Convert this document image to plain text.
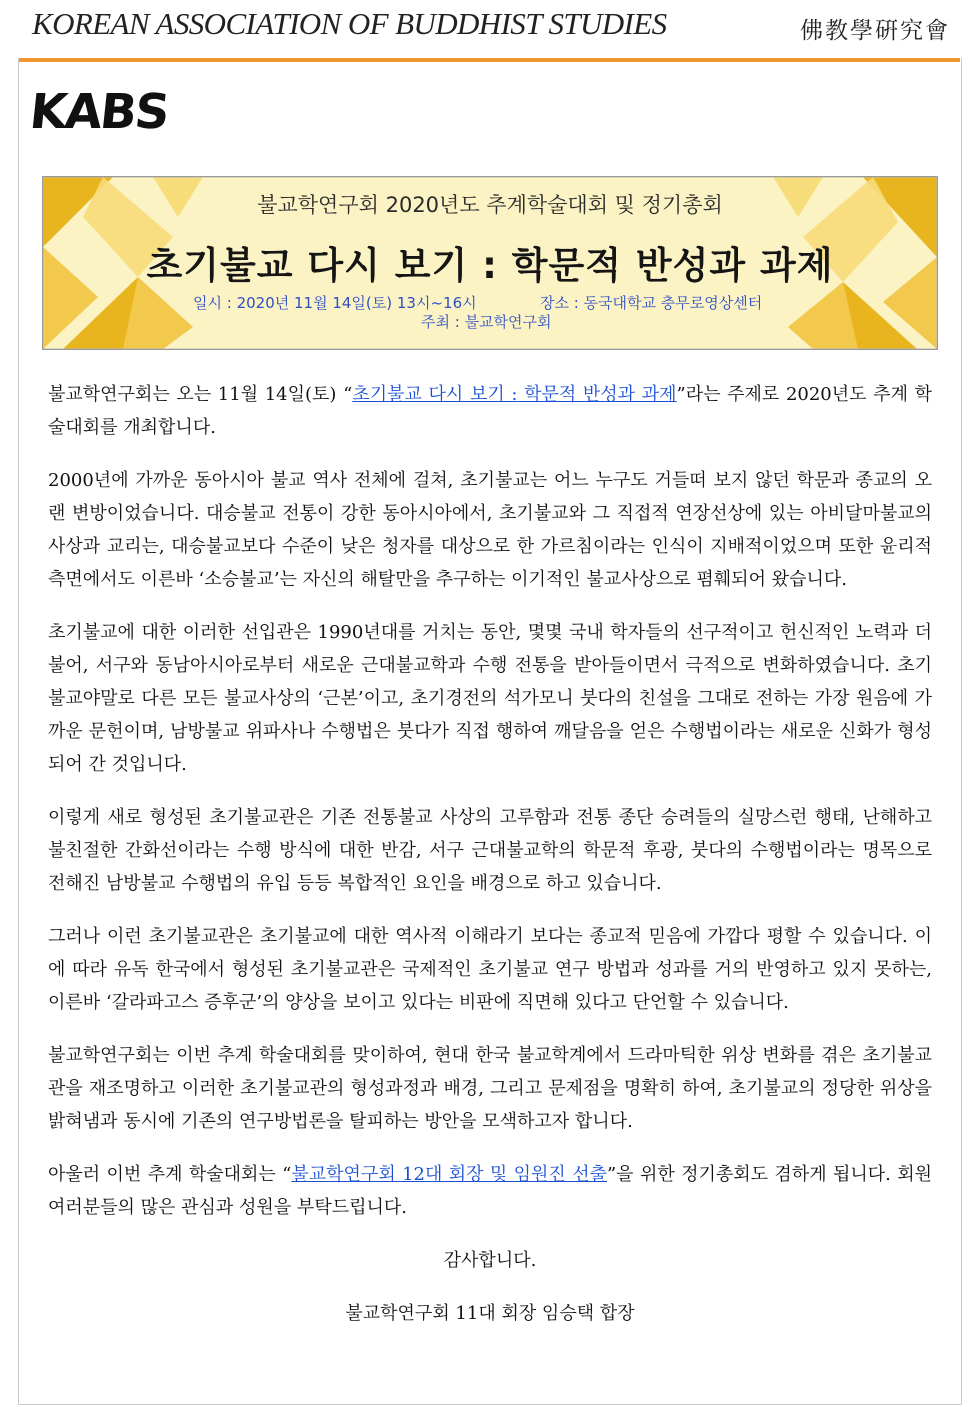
KOREAN ASSOCIATION OF BUDDHIST STUDIES	佛教學硏究會
KABS
불교학연구회 2020년도 추계학술대회 및 정기총회
초기불교 다시 보기 : 학문적 반성과 과제
일시 : 2020년 11월 14일(토) 13시~16시	장소 : 동국대학교 충무로영상센터
주최 : 불교학연구회

불교학연구회는 오는 11월 14일(토) “초기불교 다시 보기 : 학문적 반성과 과제”라는 주제로 2020년도 추계 학술대회를 개최합니다.

2000년에 가까운 동아시아 불교 역사 전체에 걸쳐, 초기불교는 어느 누구도 거들떠 보지 않던 학문과 종교의 오랜 변방이었습니다. 대승불교 전통이 강한 동아시아에서, 초기불교와 그 직접적 연장선상에 있는 아비달마불교의 사상과 교리는, 대승불교보다 수준이 낮은 청자를 대상으로 한 가르침이라는 인식이 지배적이었으며 또한 윤리적 측면에서도 이른바 ‘소승불교’는 자신의 해탈만을 추구하는 이기적인 불교사상으로 폄훼되어 왔습니다.

초기불교에 대한 이러한 선입관은 1990년대를 거치는 동안, 몇몇 국내 학자들의 선구적이고 헌신적인 노력과 더불어, 서구와 동남아시아로부터 새로운 근대불교학과 수행 전통을 받아들이면서 극적으로 변화하였습니다. 초기불교야말로 다른 모든 불교사상의 ‘근본’이고, 초기경전의 석가모니 붓다의 친설을 그대로 전하는 가장 원음에 가까운 문헌이며, 남방불교 위파사나 수행법은 붓다가 직접 행하여 깨달음을 얻은 수행법이라는 새로운 신화가 형성되어 간 것입니다.

이렇게 새로 형성된 초기불교관은 기존 전통불교 사상의 고루함과 전통 종단 승려들의 실망스런 행태, 난해하고 불친절한 간화선이라는 수행 방식에 대한 반감, 서구 근대불교학의 학문적 후광, 붓다의 수행법이라는 명목으로 전해진 남방불교 수행법의 유입 등등 복합적인 요인을 배경으로 하고 있습니다.

그러나 이런 초기불교관은 초기불교에 대한 역사적 이해라기 보다는 종교적 믿음에 가깝다 평할 수 있습니다. 이에 따라 유독 한국에서 형성된 초기불교관은 국제적인 초기불교 연구 방법과 성과를 거의 반영하고 있지 못하는, 이른바 ‘갈라파고스 증후군’의 양상을 보이고 있다는 비판에 직면해 있다고 단언할 수 있습니다.

불교학연구회는 이번 추계 학술대회를 맞이하여, 현대 한국 불교학계에서 드라마틱한 위상 변화를 겪은 초기불교관을 재조명하고 이러한 초기불교관의 형성과정과 배경, 그리고 문제점을 명확히 하여, 초기불교의 정당한 위상을 밝혀냄과 동시에 기존의 연구방법론을 탈피하는 방안을 모색하고자 합니다.

아울러 이번 추계 학술대회는 “불교학연구회 12대 회장 및 임원진 선출”을 위한 정기총회도 겸하게 됩니다. 회원 여러분들의 많은 관심과 성원을 부탁드립니다.

감사합니다.

불교학연구회 11대 회장 임승택 합장
